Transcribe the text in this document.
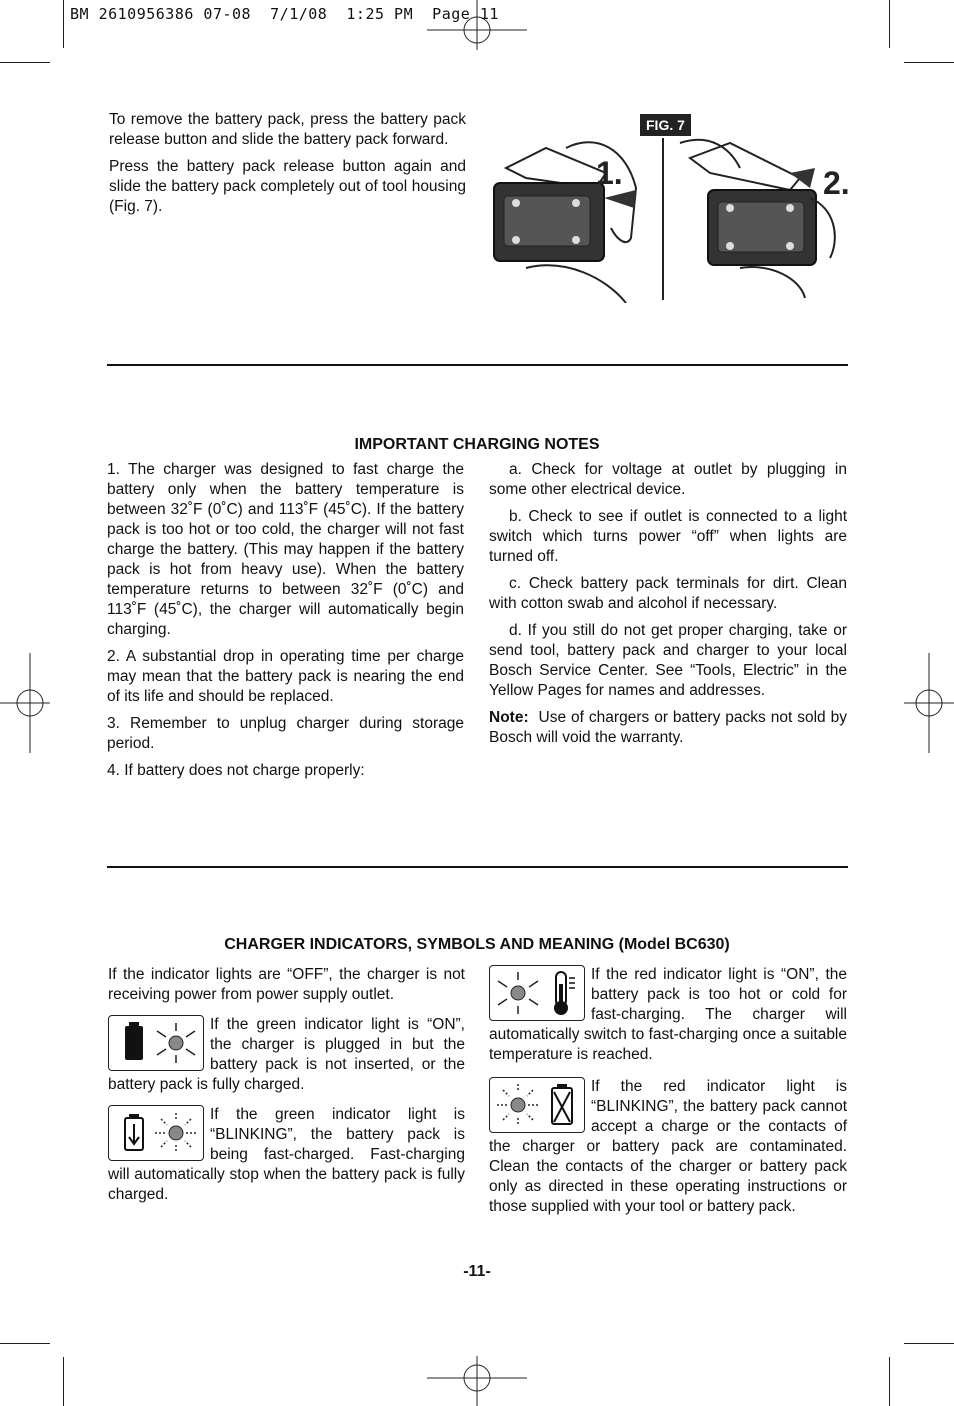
BM 2610956386 07-08  7/1/08  1:25 PM  Page 11

To remove the battery pack, press the battery pack release button and slide the battery pack forward.

Press the battery pack release button again and slide the battery pack completely out of tool housing (Fig. 7).

FIG. 7
1.	2.
IMPORTANT CHARGING NOTES

1. The charger was designed to fast charge the battery only when the battery temperature is between 32˚F (0˚C) and 113˚F (45˚C). If the battery pack is too hot or too cold, the charger will not fast charge the battery. (This may happen if the battery pack is hot from heavy use). When the battery temperature returns to between 32˚F (0˚C) and 113˚F (45˚C), the charger will automatically begin charging.

2. A substantial drop in operating time per charge may mean that the battery pack is nearing the end of its life and should be replaced.

3. Remember to unplug charger during storage period.

4. If battery does not charge properly:

a. Check for voltage at outlet by plugging in some other electrical device.

b. Check to see if outlet is connected to a light switch which turns power “off” when lights are turned off.

c. Check battery pack terminals for dirt. Clean with cotton swab and alcohol if necessary.

d. If you still do not get proper charging, take or send tool, battery pack and charger to your local Bosch Service Center. See “Tools, Electric” in the Yellow Pages for names and addresses.

Note: Use of chargers or battery packs not sold by Bosch will void the warranty.

CHARGER INDICATORS, SYMBOLS AND MEANING (Model BC630)

If the indicator lights are “OFF”, the charger is not receiving power from power supply outlet.

If the green indicator light is “ON”, the charger is plugged in but the battery pack is not inserted, or the battery pack is fully charged.

If the green indicator light is “BLINKING”, the battery pack is being fast-charged. Fast-charging will automatically stop when the battery pack is fully charged.

If the red indicator light is “ON”, the battery pack is too hot or cold for fast-charging. The charger will automatically switch to fast-charging once a suitable temperature is reached.

If the red indicator light is “BLINKING”, the battery pack cannot accept a charge or the contacts of the charger or battery pack are contaminated. Clean the contacts of the charger or battery pack only as directed in these operating instructions or those supplied with your tool or battery pack.

-11-
